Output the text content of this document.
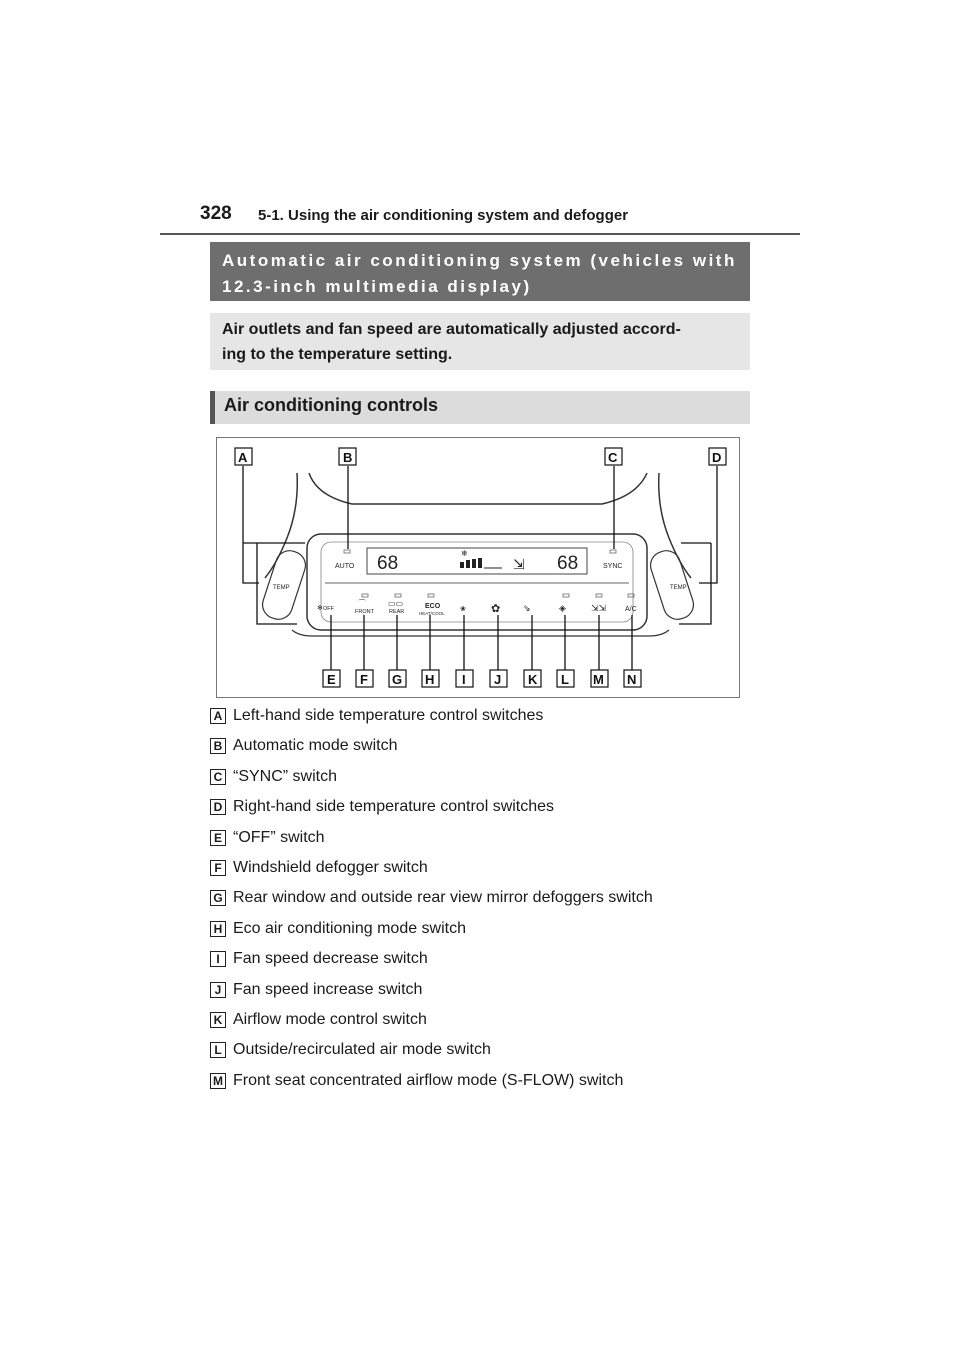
328 5-1. Using the air conditioning system and defogger
Automatic air conditioning system (vehicles with
12.3-inch multimedia display)
Air outlets and fan speed are automatically adjusted accord-
ing to the temperature setting.
Air conditioning controls
68	68
❄
⇲
AUTO	SYNC
OFF	FRONT	REAR
ECO
HEAT/COOL
A/C
❄
⌒	▭▭
❀ ✿	⇘	◈	⇲⇲
TEMP	TEMP
A	B	C	D
E F G H I J K L M N
A Left-hand side temperature control switches
B Automatic mode switch
C “SYNC” switch
D Right-hand side temperature control switches
E “OFF” switch
F Windshield defogger switch
G Rear window and outside rear view mirror defoggers switch
H Eco air conditioning mode switch
I Fan speed decrease switch
J Fan speed increase switch
K Airflow mode control switch
L Outside/recirculated air mode switch
M Front seat concentrated airflow mode (S-FLOW) switch
